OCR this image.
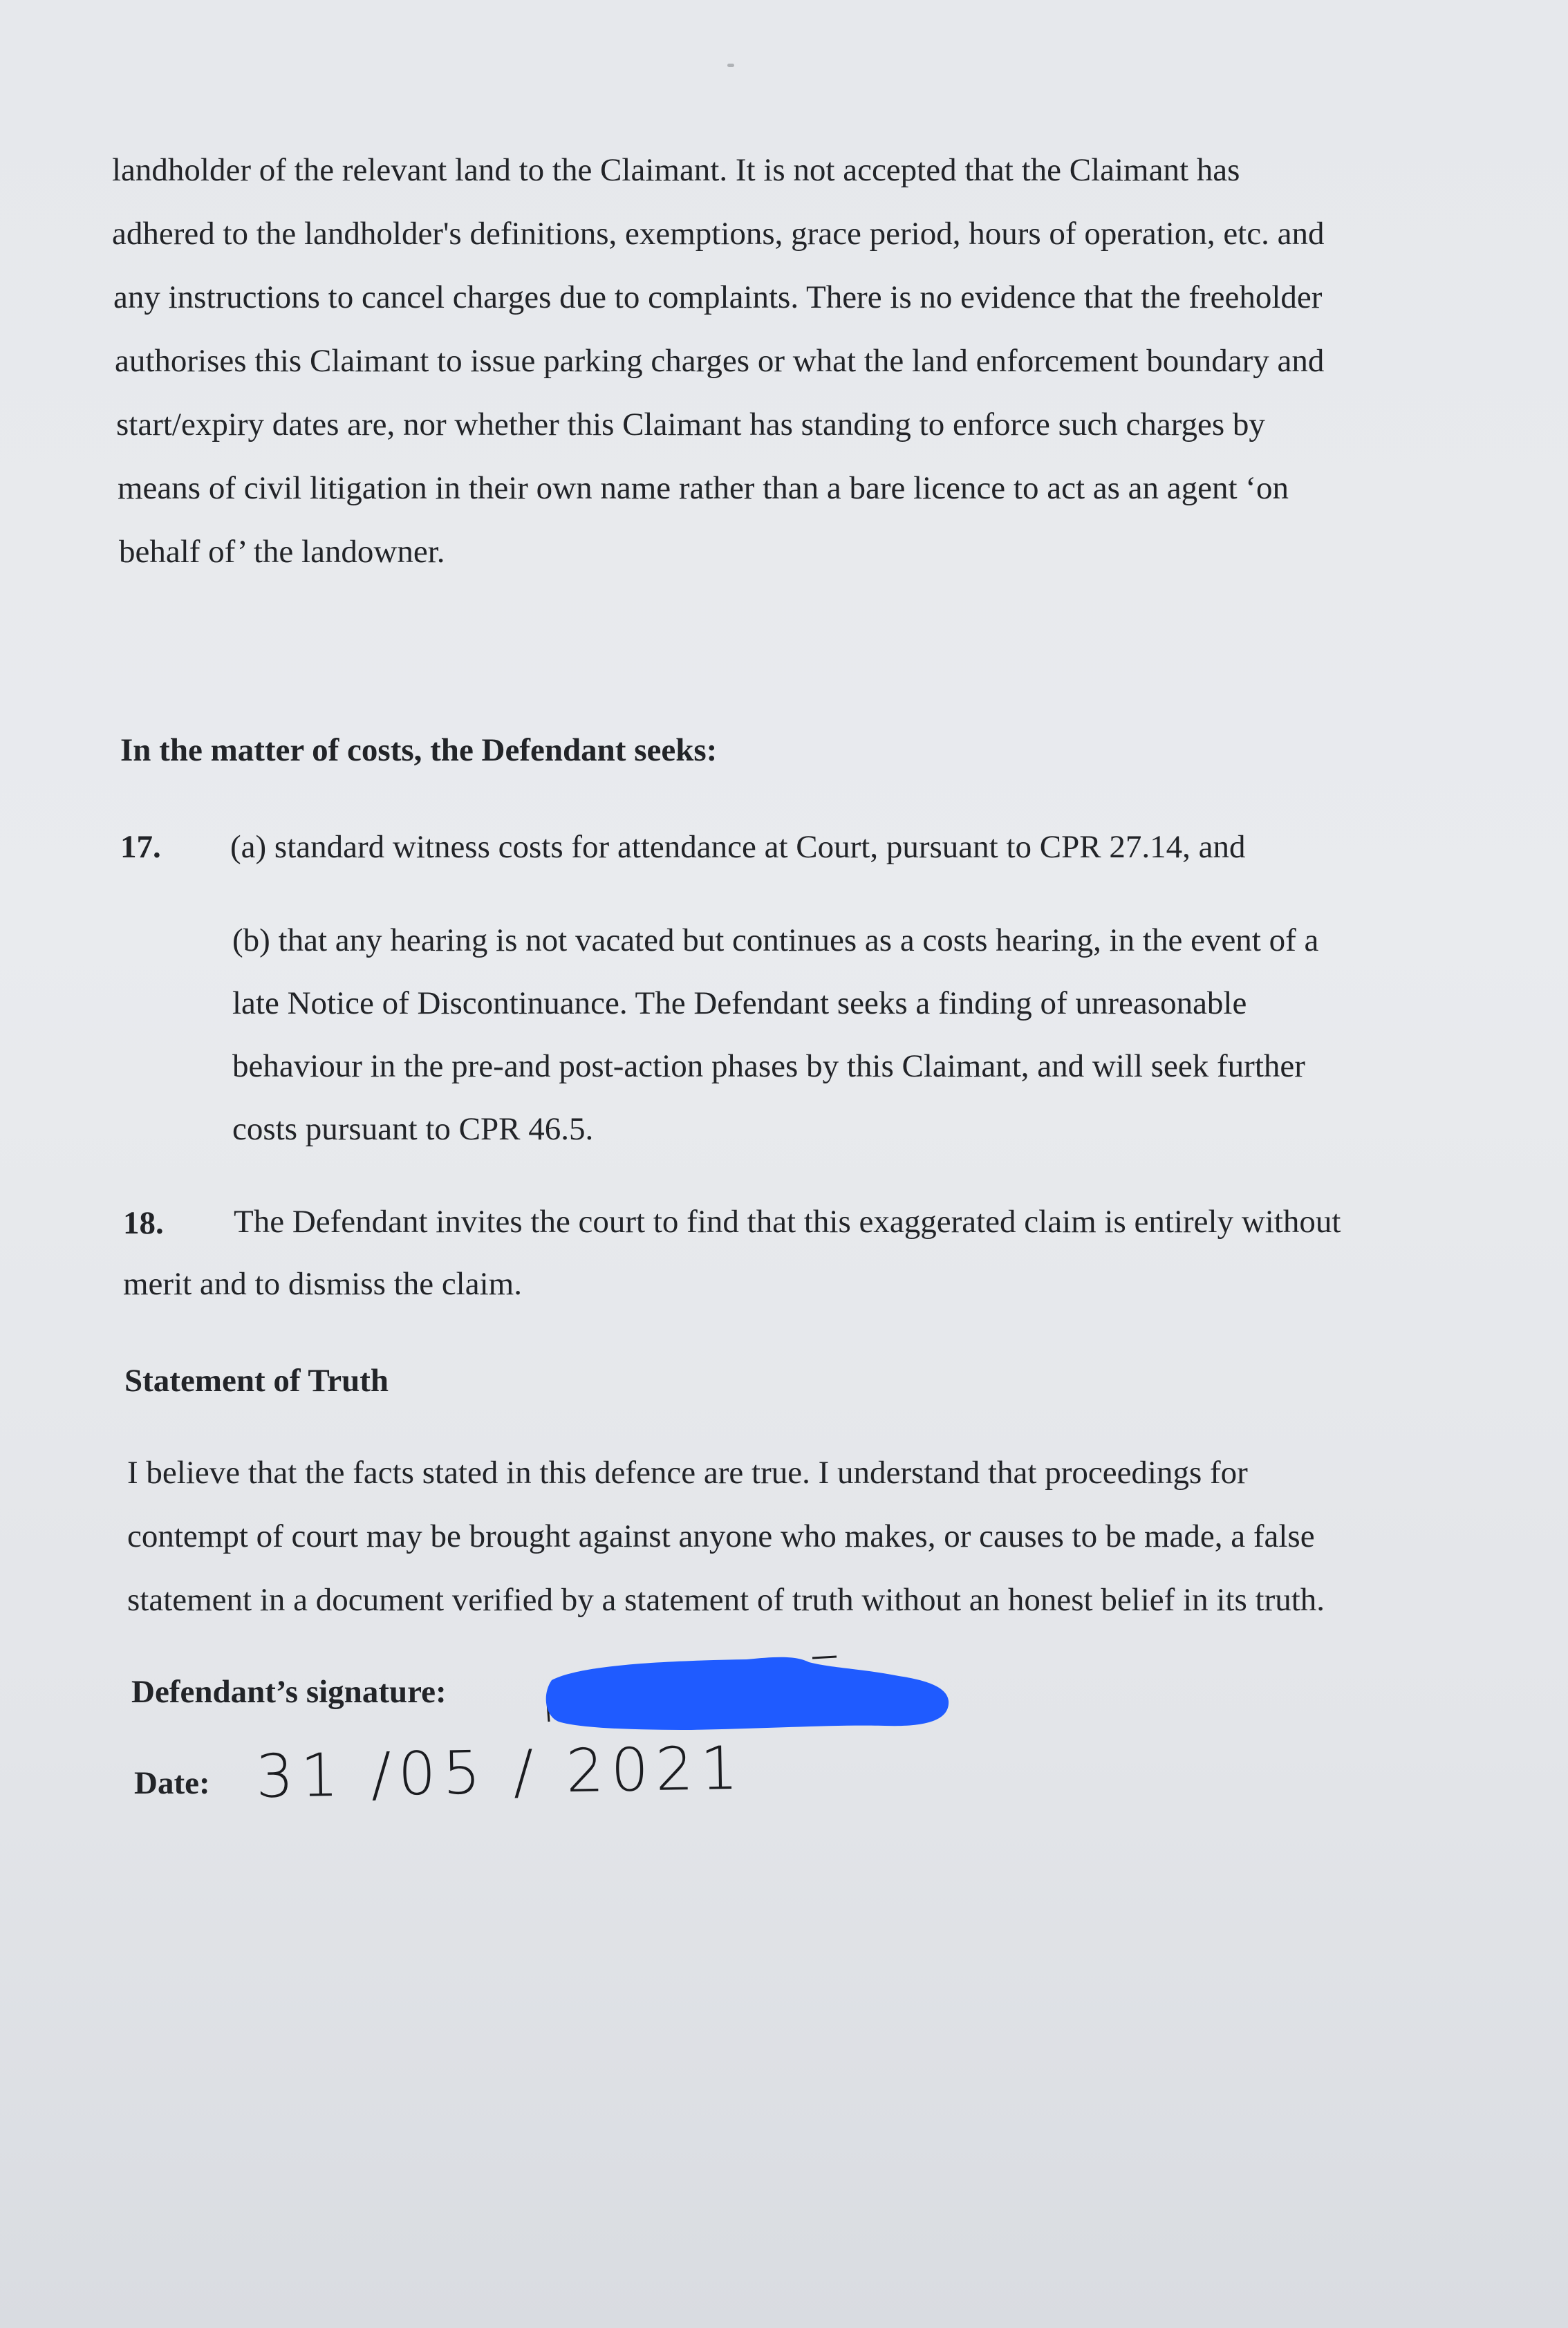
landholder of the relevant land to the Claimant. It is not accepted that the Claimant has
adhered to the landholder's definitions, exemptions, grace period, hours of operation, etc. and
any instructions to cancel charges due to complaints. There is no evidence that the freeholder
authorises this Claimant to issue parking charges or what the land enforcement boundary and
start/expiry dates are, nor whether this Claimant has standing to enforce such charges by
means of civil litigation in their own name rather than a bare licence to act as an agent ‘on
behalf of’ the landowner.

In the matter of costs, the Defendant seeks:
17. (a) standard witness costs for attendance at Court, pursuant to CPR 27.14, and

(b) that any hearing is not vacated but continues as a costs hearing, in the event of a
late Notice of Discontinuance. The Defendant seeks a finding of unreasonable
behaviour in the pre-and post-action phases by this Claimant, and will seek further
costs pursuant to CPR 46.5.

18.	The Defendant invites the court to find that this exaggerated claim is entirely without
merit and to dismiss the claim.

Statement of Truth

I believe that the facts stated in this defence are true. I understand that proceedings for
contempt of court may be brought against anyone who makes, or causes to be made, a false
statement in a document verified by a statement of truth without an honest belief in its truth.

Defendant’s signature:
Date: 31 /05 / 2021
